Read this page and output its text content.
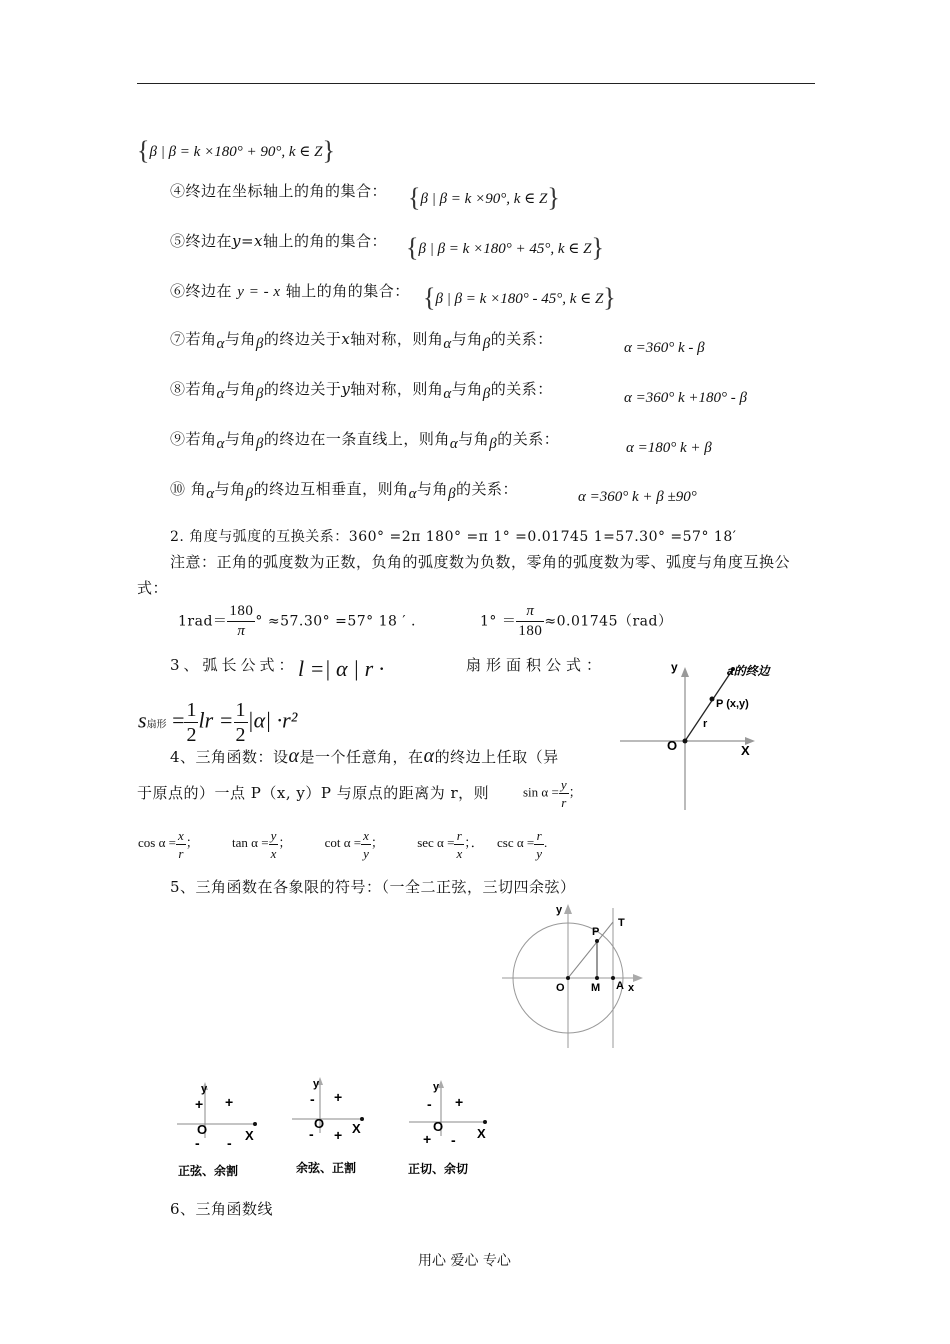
{β | β = k ×180° + 90°, k ∈ Z}
④终边在坐标轴上的角的集合： {β | β = k ×90°, k ∈ Z}
⑤终边在y=x轴上的角的集合： {β | β = k ×180° + 45°, k ∈ Z}
⑥终边在 y = - x 轴上的角的集合： {β | β = k ×180° - 45°, k ∈ Z}
⑦若角$_\alpha$与角$_\beta$的终边关于x轴对称，则角$_\alpha$与角$_\beta$的关系：	α =360° k - β
⑧若角$_\alpha$与角$_\beta$的终边关于y轴对称，则角$_\alpha$与角$_\beta$的关系：	α =360° k +180° - β
⑨若角$_\alpha$与角$_\beta$的终边在一条直线上，则角$_\alpha$与角$_\beta$的关系：	α =180° k + β
⑩ 角$_\alpha$与角$_\beta$的终边互相垂直，则角$_\alpha$与角$_\beta$的关系：	α =360° k + β ±90°
2. 角度与弧度的互换关系：360° =2π 180° =π 1° =0.01745 1=57.30° =57° 18′
注意：正角的弧度数为正数，负角的弧度数为负数，零角的弧度数为零、弧度与角度互换公
式：
$1rad= \frac{180}{\pi}$ ° ≈57.30° =57° 18 ′ .	$1^\circ = \frac{\pi}{180} \approx 0.01745(rad)$
3、弧长公式： l =| α | r ·	扇形面积公式：
s扇形 = $\frac{1}{2}$ lr = $\frac{1}{2} |\alpha| \cdot r^2$
y
X
O
r
P (x,y)
a的终边
4、三角函数：设α是一个任意角，在α的终边上任取（异
于原点的）一点 P（x, y）P 与原点的距离为 r，则	$\sin \alpha = \frac{y}{r}$ ；
$\cos \alpha = \frac{x}{r}$ ；	$\tan \alpha = \frac{y}{x}$ ；	$\cot \alpha = \frac{x}{y}$ ；	$\sec \alpha = \frac{r}{x}$ ；． $\csc \alpha = \frac{r}{y}$ .
5、三角函数在各象限的符号：（一全二正弦，三切四余弦）
y
x
O M A
P
T
y
+ +
O	X
- -
正弦、余割
y
- +
O X
- +
余弦、正割
y
- +
O	X
+ -
正切、余切
6、三角函数线
用心 爱心 专心
